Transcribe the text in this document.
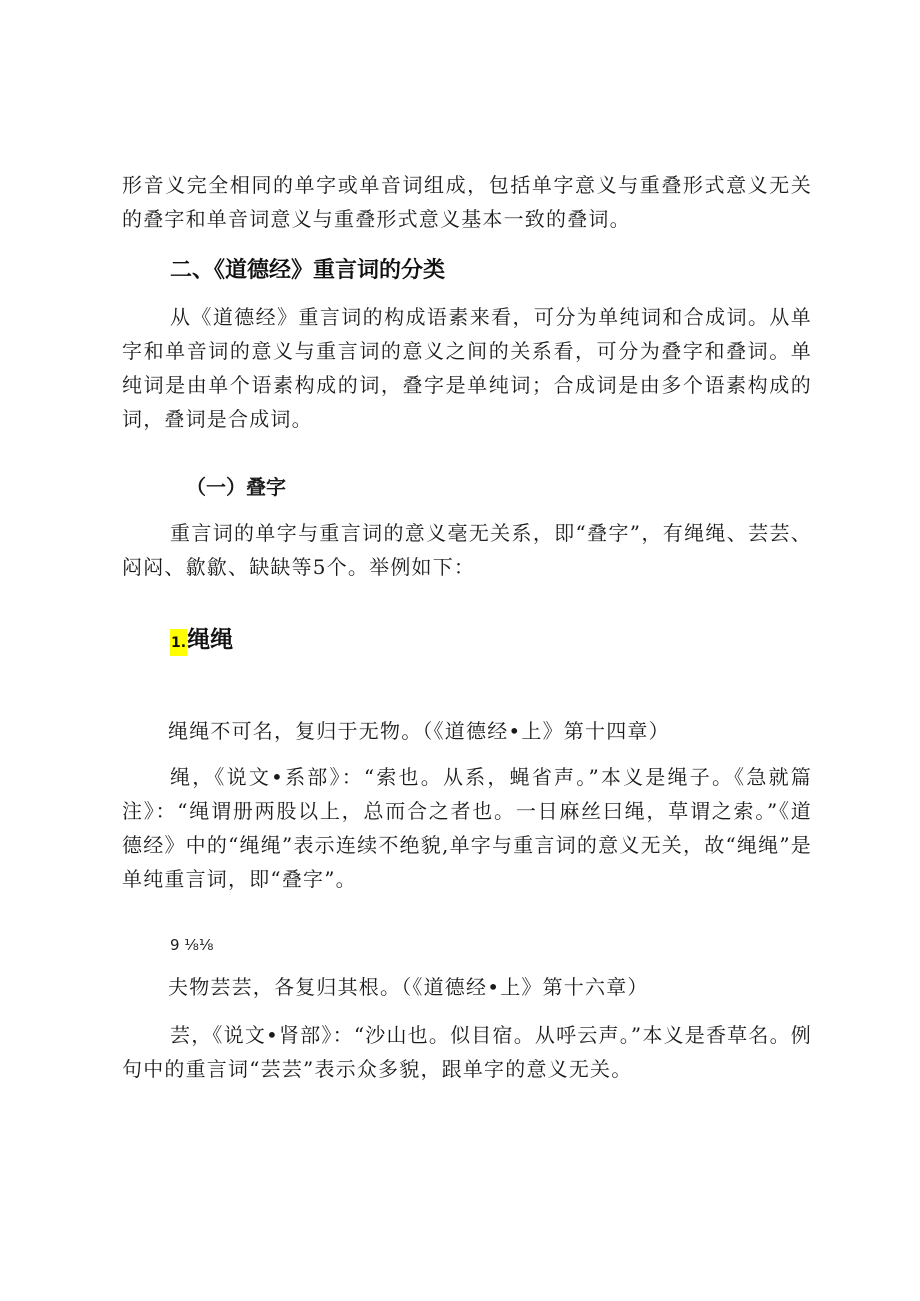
形音义完全相同的单字或单音词组成，包括单字意义与重叠形式意义无关的叠字和单音词意义与重叠形式意义基本一致的叠词。

二、《道德经》重言词的分类

从《道德经》重言词的构成语素来看，可分为单纯词和合成词。从单字和单音词的意义与重言词的意义之间的关系看，可分为叠字和叠词。单纯词是由单个语素构成的词，叠字是单纯词；合成词是由多个语素构成的词，叠词是合成词。

（一）叠字

重言词的单字与重言词的意义毫无关系，即“叠字”，有绳绳、芸芸、闷闷、歙歙、缺缺等5个。举例如下：

1.绳绳

绳绳不可名，复归于无物。（《道德经•上》第十四章）

绳，《说文•系部》：“索也。从系，蝇省声。”本义是绳子。《急就篇注》：“绳谓册两股以上，总而合之者也。一日麻丝曰绳，草谓之索。”《道德经》中的“绳绳”表示连续不绝貌,单字与重言词的意义无关，故“绳绳”是单纯重言词，即“叠字”。

9 ⅛⅛

夫物芸芸，各复归其根。（《道德经•上》第十六章）

芸，《说文•肾部》：“沙山也。似目宿。从呼云声。”本义是香草名。例句中的重言词“芸芸”表示众多貌，跟单字的意义无关。
